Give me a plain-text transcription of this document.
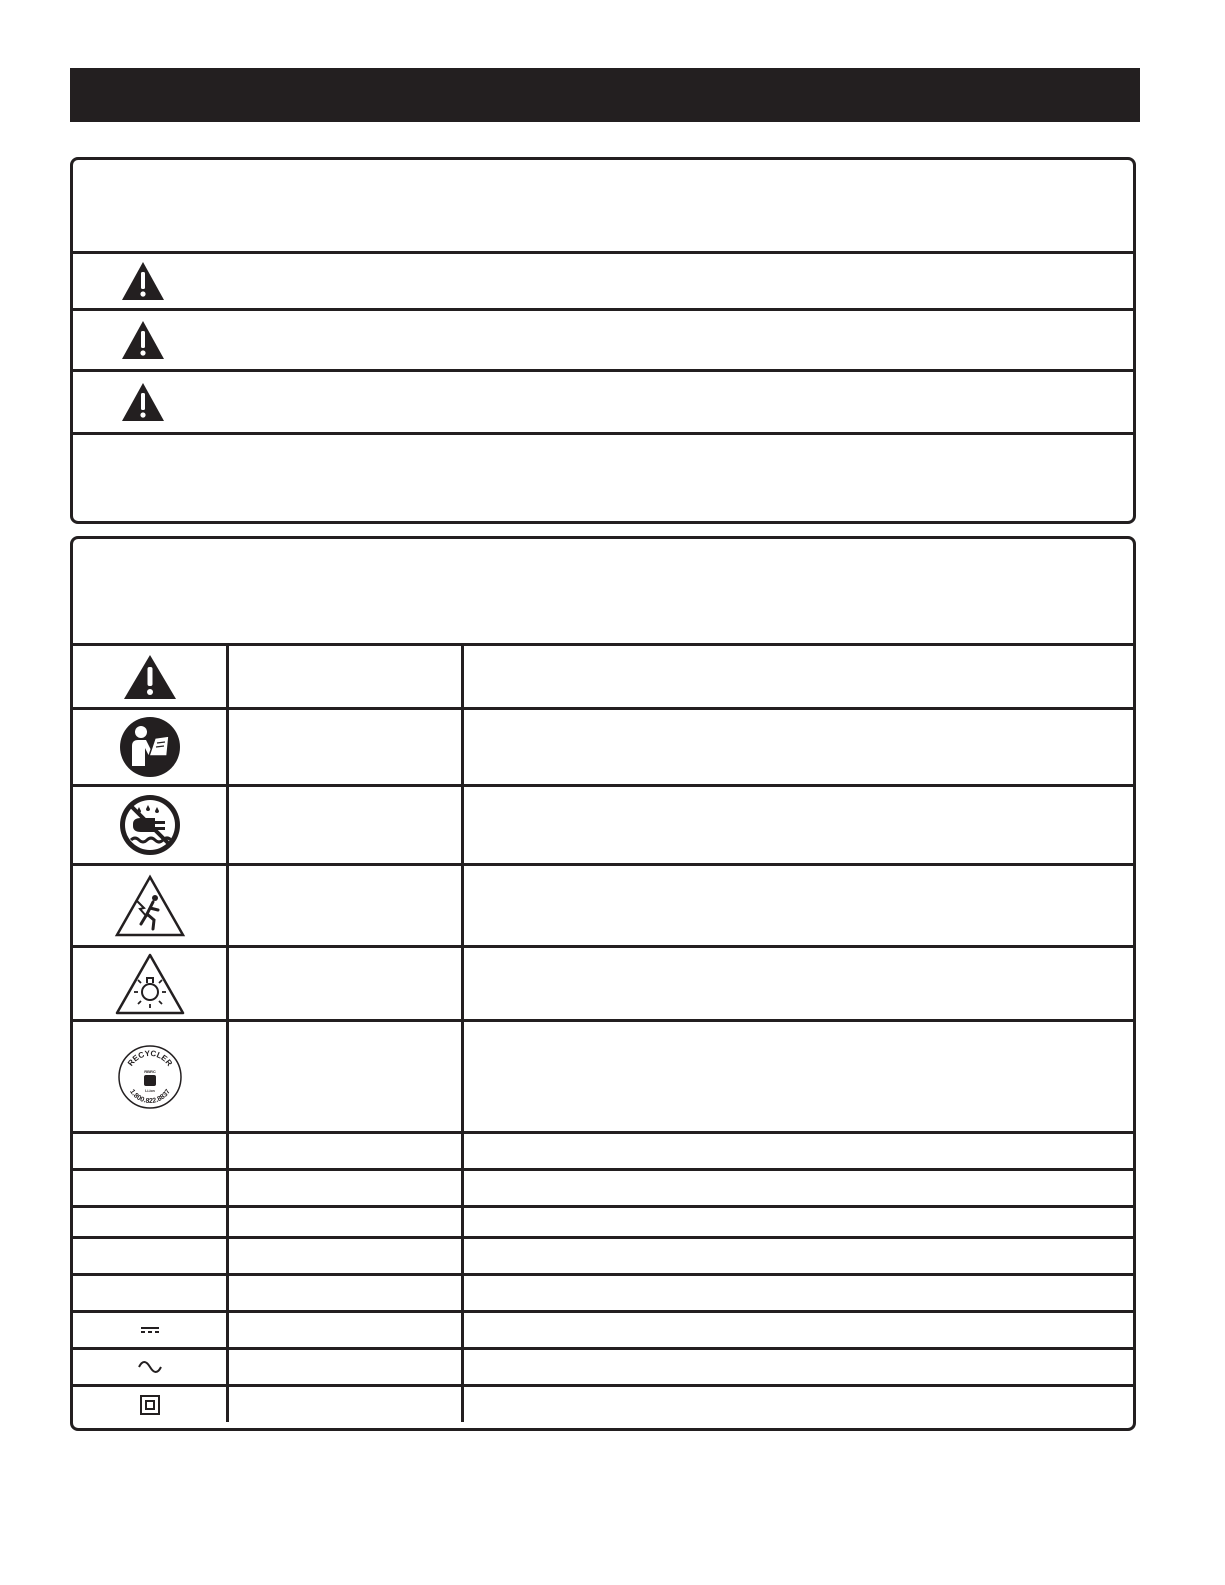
RECYCLER
RBRC
Li-ion
1.800.822.8837
